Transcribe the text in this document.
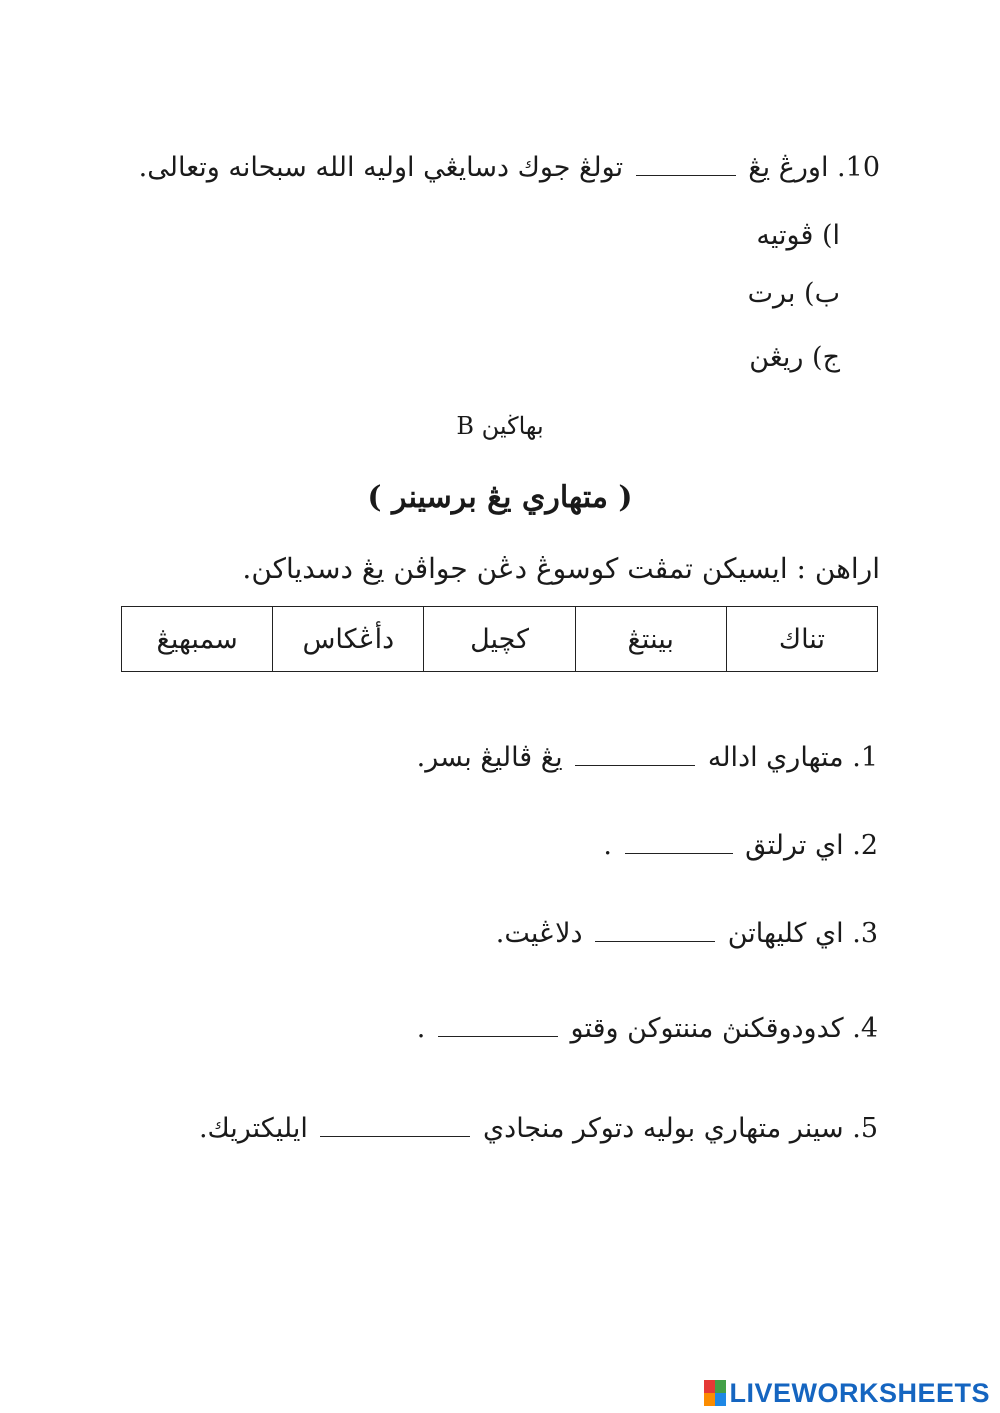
10. اورڠ يڠ  تولڠ جوك دسايڠي اوليه الله سبحانه وتعالى.
ا) ڤوتيه
ب) برت
ج) ريڠن
بهاڬين B
( متهاري يڠ برسينر )
اراهن : ايسيكن تمڤت كوسوڠ دڠن جواڤن يڠ دسدياكن.
تناك	بينتڠ	كچيل	دأڠكاس	سمبهيڠ
1. متهاري اداله  يڠ ڤاليڠ بسر.
2. اي ترلتق  .
3. اي كليهاتن  دلاڠيت.
4. كدودوقكنڽ مننتوكن وقتو  .
5. سينر متهاري بوليه دتوكر منجادي  ايليكتريك.
LIVEWORKSHEETS
